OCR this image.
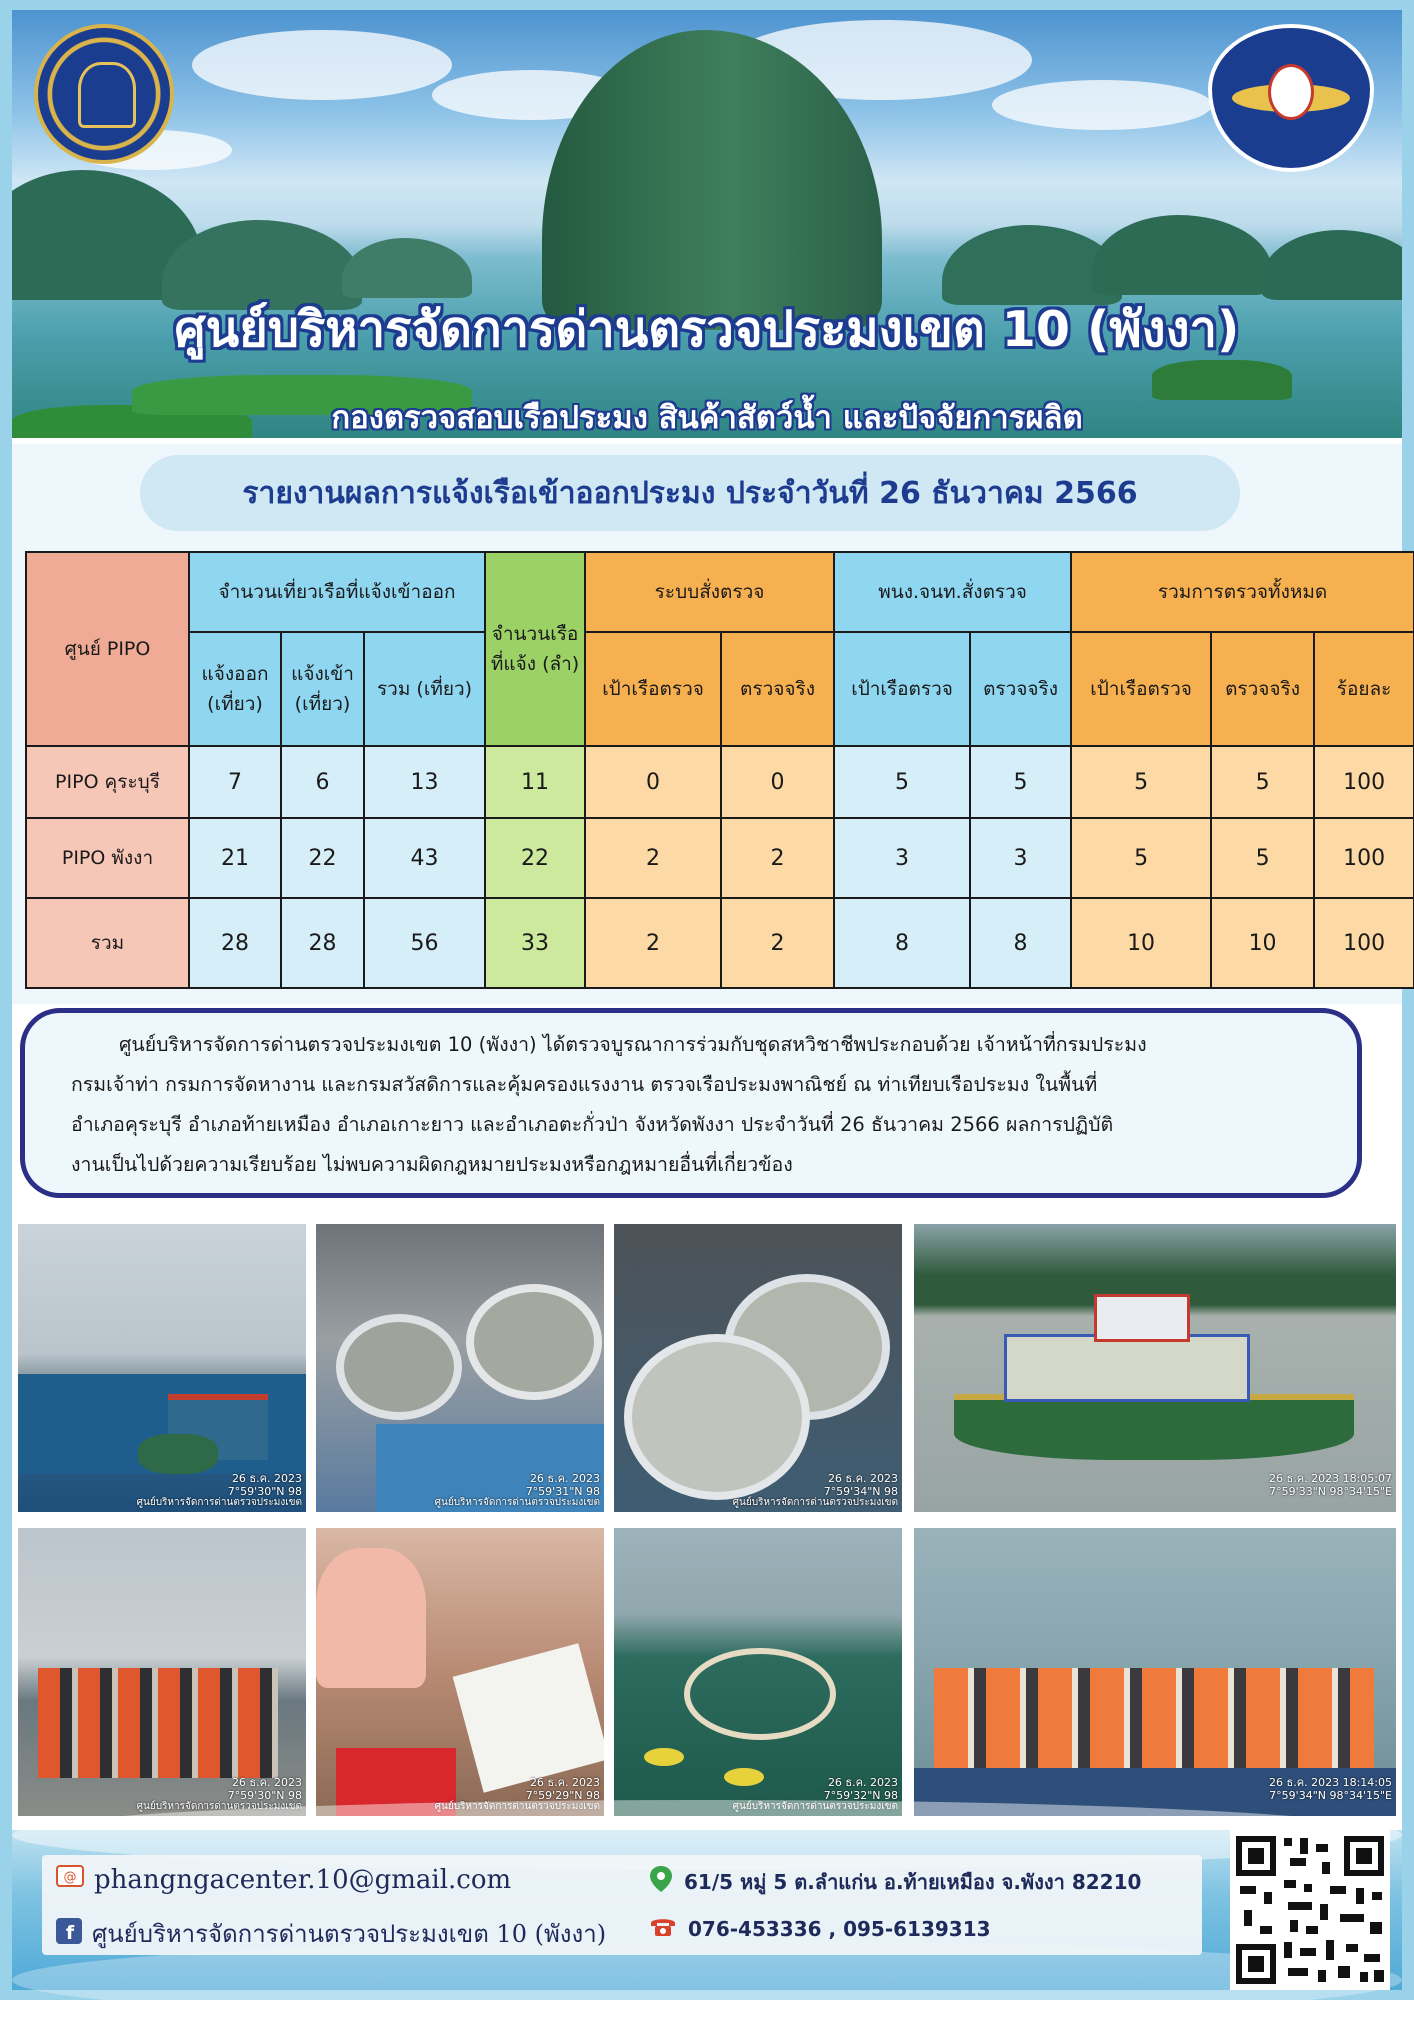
ศูนย์บริหารจัดการด่านตรวจประมงเขต 10 (พังงา)
กองตรวจสอบเรือประมง สินค้าสัตว์น้ำ และปัจจัยการผลิต
รายงานผลการแจ้งเรือเข้าออกประมง ประจำวันที่ 26 ธันวาคม 2566
ศูนย์ PIPO	จำนวนเที่ยวเรือที่แจ้งเข้าออก			จำนวนเรือที่แจ้ง (ลำ)	ระบบสั่งตรวจ		พนง.จนท.สั่งตรวจ		รวมการตรวจทั้งหมด		
	แจ้งออก (เที่ยว)	แจ้งเข้า (เที่ยว)	รวม (เที่ยว)		เป้าเรือตรวจ	ตรวจจริง	เป้าเรือตรวจ	ตรวจจริง	เป้าเรือตรวจ	ตรวจจริง	ร้อยละ
PIPO คุระบุรี	7	6	13	11	0	0	5	5	5	5	100
PIPO พังงา	21	22	43	22	2	2	3	3	5	5	100
รวม	28	28	56	33	2	2	8	8	10	10	100

ศูนย์บริหารจัดการด่านตรวจประมงเขต 10 (พังงา) ได้ตรวจบูรณาการร่วมกับชุดสหวิชาชีพประกอบด้วย เจ้าหน้าที่กรมประมง

กรมเจ้าท่า กรมการจัดหางาน และกรมสวัสดิการและคุ้มครองแรงงาน ตรวจเรือประมงพาณิชย์ ณ ท่าเทียบเรือประมง ในพื้นที่
อำเภอคุระบุรี อำเภอท้ายเหมือง อำเภอเกาะยาว และอำเภอตะกั่วป่า จังหวัดพังงา ประจำวันที่ 26 ธันวาคม 2566 ผลการปฏิบัติ
งานเป็นไปด้วยความเรียบร้อย ไม่พบความผิดกฎหมายประมงหรือกฎหมายอื่นที่เกี่ยวข้อง
26 ธ.ค. 2023
7°59'30"N 98
ศูนย์บริหารจัดการด่านตรวจประมงเขต
26 ธ.ค. 2023
7°59'31"N 98
ศูนย์บริหารจัดการด่านตรวจประมงเขต
26 ธ.ค. 2023
7°59'34"N 98
ศูนย์บริหารจัดการด่านตรวจประมงเขต
26 ธ.ค. 2023 18:05:07
7°59'33"N 98°34'15"E
26 ธ.ค. 2023
7°59'30"N 98
ศูนย์บริหารจัดการด่านตรวจประมงเขต
26 ธ.ค. 2023
7°59'29"N 98
ศูนย์บริหารจัดการด่านตรวจประมงเขต
26 ธ.ค. 2023
7°59'32"N 98
ศูนย์บริหารจัดการด่านตรวจประมงเขต
26 ธ.ค. 2023 18:14:05
7°59'34"N 98°34'15"E
@ phangngacenter.10@gmail.com
f ศูนย์บริหารจัดการด่านตรวจประมงเขต 10 (พังงา)
61/5 หมู่ 5 ต.ลำแก่น อ.ท้ายเหมือง จ.พังงา 82210
076-453336 , 095-6139313
